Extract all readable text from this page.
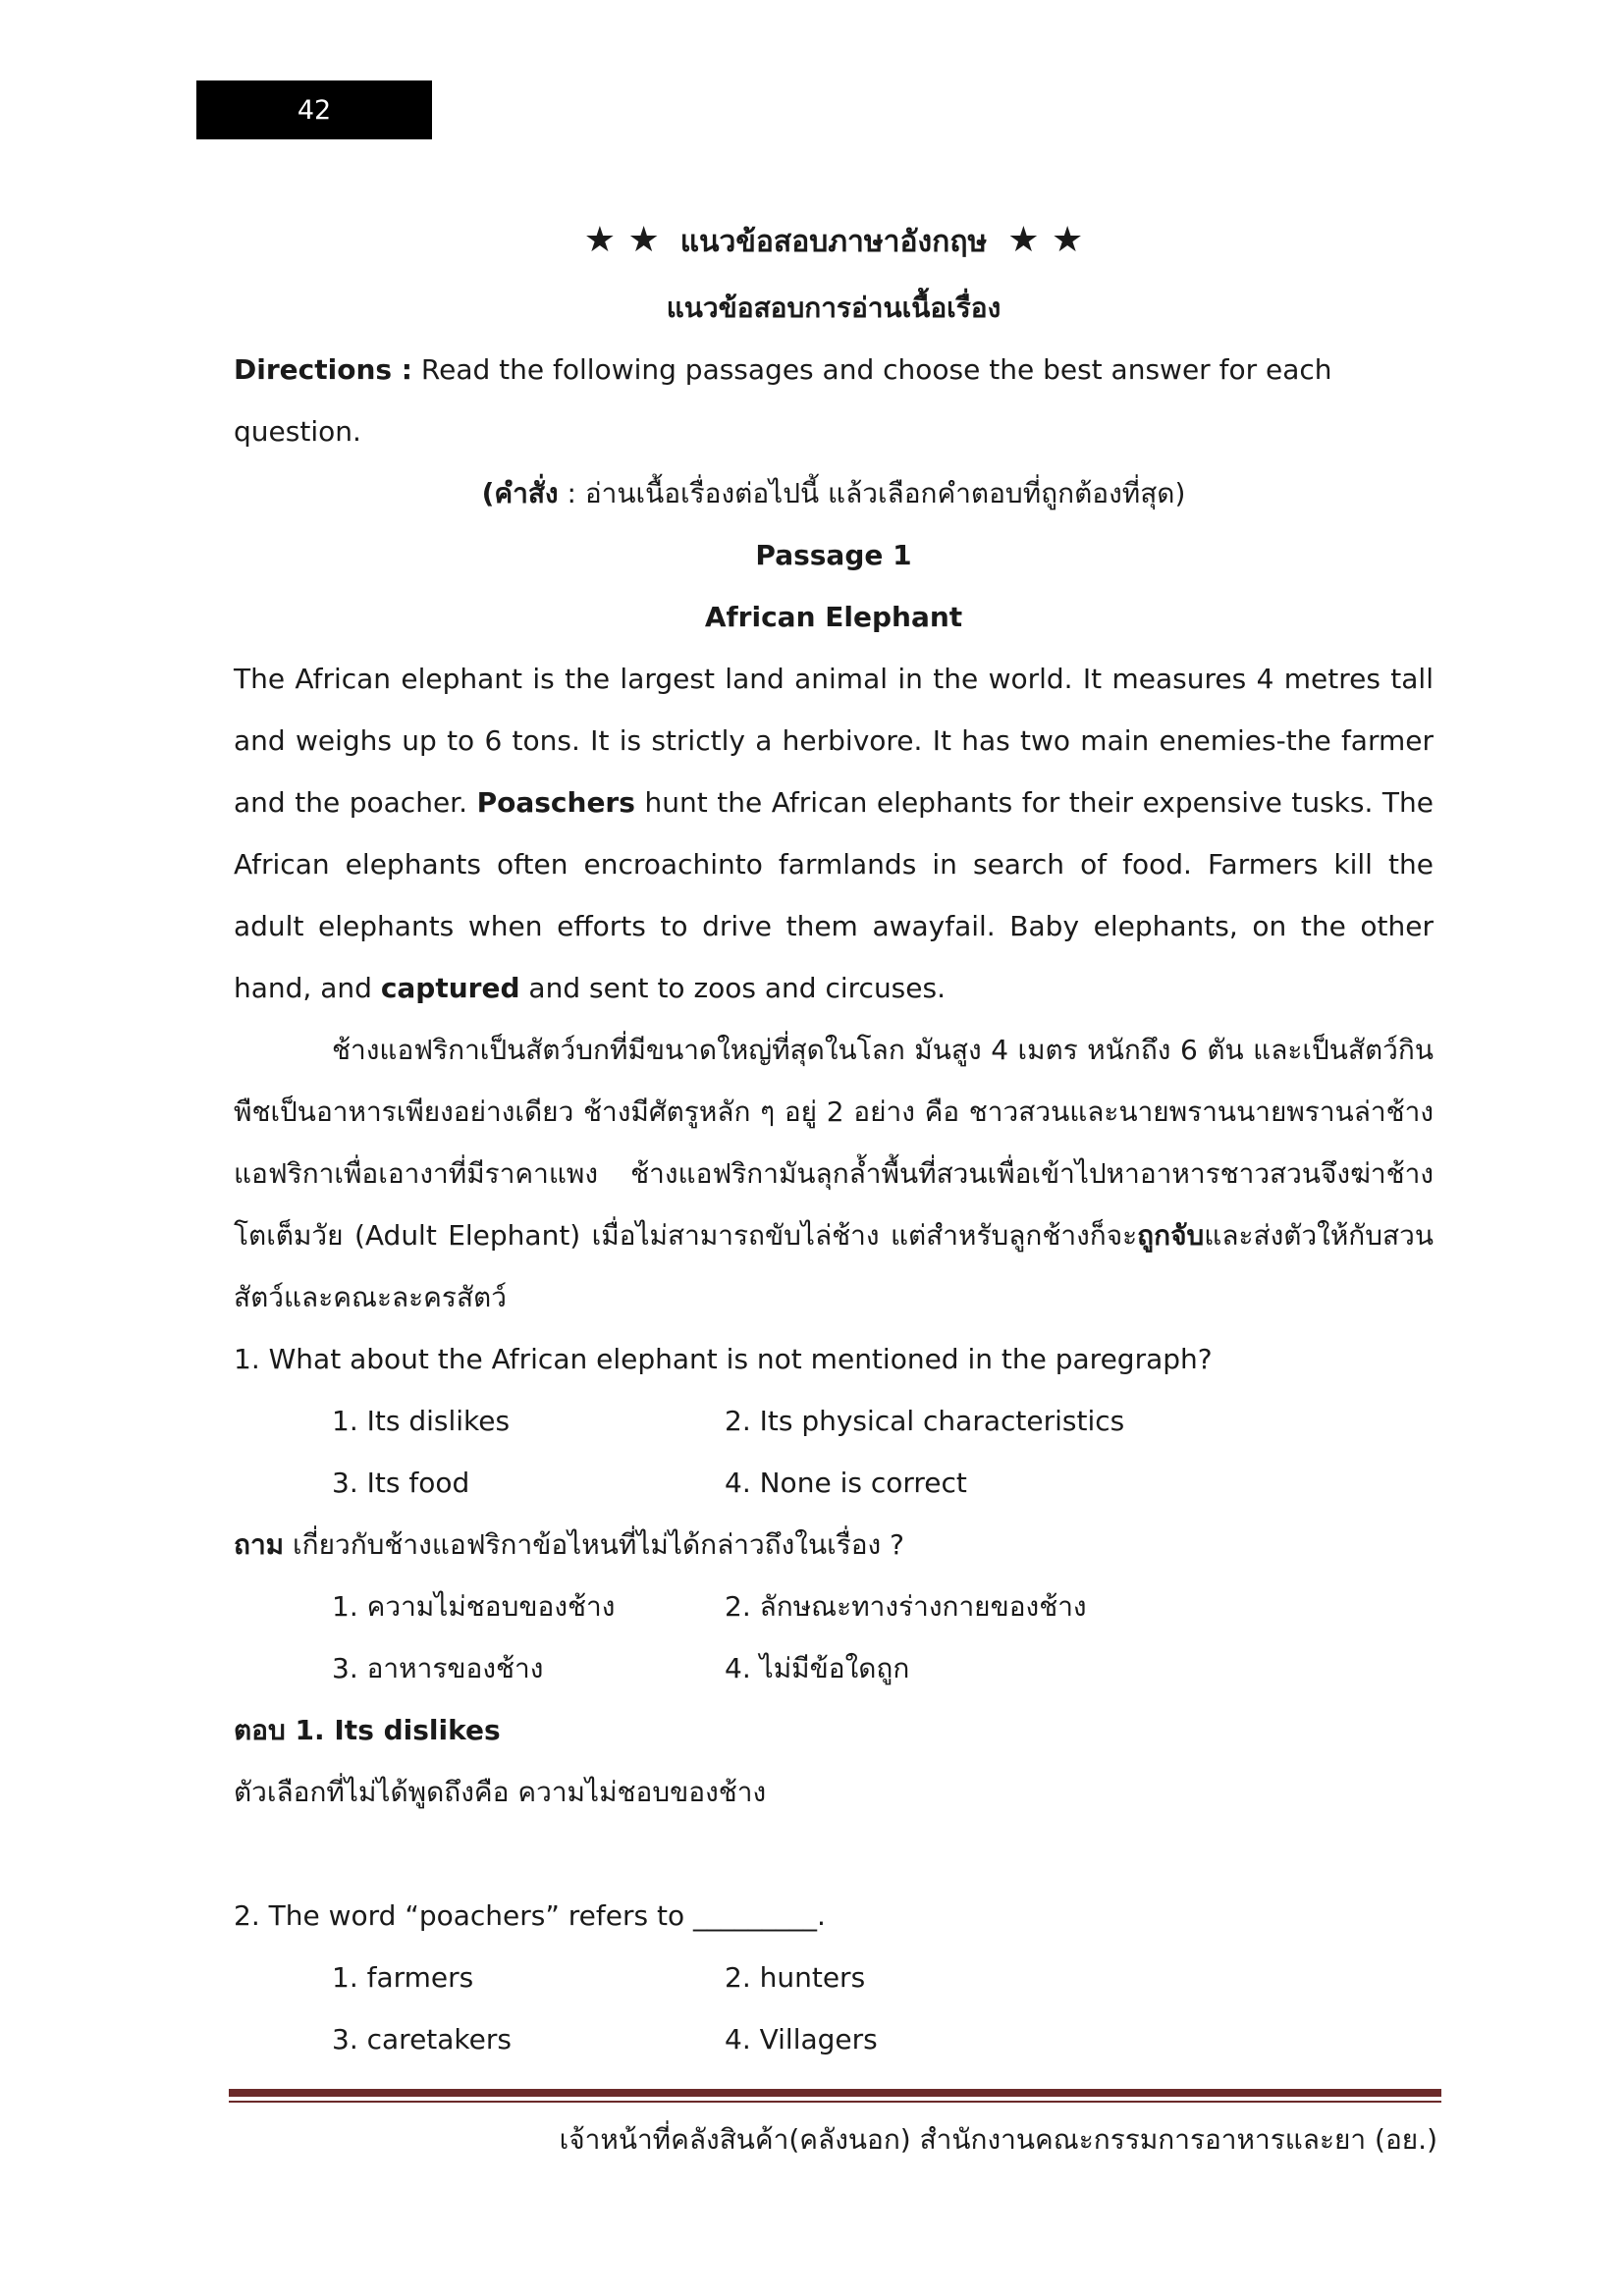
42
★ ★ แนวข้อสอบภาษาอังกฤษ ★ ★
แนวข้อสอบการอ่านเนื้อเรื่อง
Directions : Read the following passages and choose the best answer for each question.
(คำสั่ง : อ่านเนื้อเรื่องต่อไปนี้ แล้วเลือกคำตอบที่ถูกต้องที่สุด)
Passage 1
African Elephant
The African elephant is the largest land animal in the world. It measures 4 metres tall and weighs up to 6 tons. It is strictly a herbivore. It has two main enemies-the farmer and the poacher. Poaschers hunt the African elephants for their expensive tusks. The African elephants often encroachinto farmlands in search of food. Farmers kill the adult elephants when efforts to drive them awayfail. Baby elephants, on the other hand, and captured and sent to zoos and circuses.
ช้างแอฟริกาเป็นสัตว์บกที่มีขนาดใหญ่ที่สุดในโลก มันสูง 4 เมตร หนักถึง 6 ตัน และเป็นสัตว์กินพืชเป็นอาหารเพียงอย่างเดียว ช้างมีศัตรูหลัก ๆ อยู่ 2 อย่าง คือ ชาวสวนและนายพรานนายพรานล่าช้างแอฟริกาเพื่อเอางาที่มีราคาแพง ช้างแอฟริกามันลุกล้ำพื้นที่สวนเพื่อเข้าไปหาอาหารชาวสวนจึงฆ่าช้างโตเต็มวัย (Adult Elephant) เมื่อไม่สามารถขับไล่ช้าง แต่สำหรับลูกช้างก็จะถูกจับและส่งตัวให้กับสวนสัตว์และคณะละครสัตว์
1. What about the African elephant is not mentioned in the paregraph?
1. Its dislikes	2. Its physical characteristics
3. Its food	4. None is correct
ถาม เกี่ยวกับช้างแอฟริกาข้อไหนที่ไม่ได้กล่าวถึงในเรื่อง ?
1. ความไม่ชอบของช้าง	2. ลักษณะทางร่างกายของช้าง
3. อาหารของช้าง	4. ไม่มีข้อใดถูก
ตอบ 1. Its dislikes
ตัวเลือกที่ไม่ได้พูดถึงคือ ความไม่ชอบของช้าง
2. The word “poachers” refers to _________.
1. farmers	2. hunters
3. caretakers	4. Villagers
เจ้าหน้าที่คลังสินค้า(คลังนอก) สำนักงานคณะกรรมการอาหารและยา (อย.)
